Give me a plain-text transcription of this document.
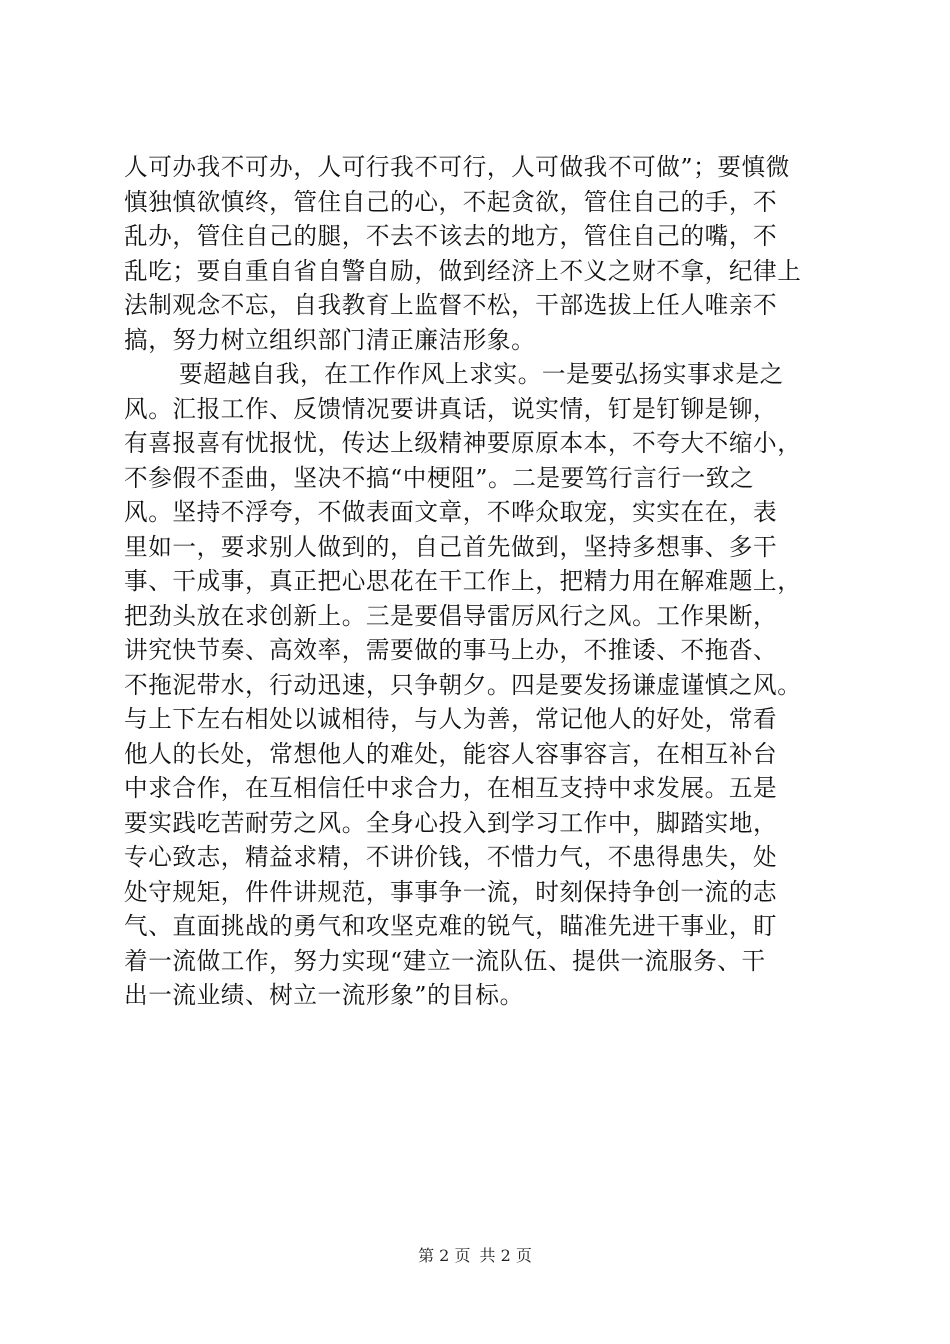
人可办我不可办，人可行我不可行，人可做我不可做”；要慎微
慎独慎欲慎终，管住自己的心，不起贪欲，管住自己的手，不
乱办，管住自己的腿，不去不该去的地方，管住自己的嘴，不
乱吃；要自重自省自警自励，做到经济上不义之财不拿，纪律上
法制观念不忘，自我教育上监督不松，干部选拔上任人唯亲不
搞，努力树立组织部门清正廉洁形象。
要超越自我，在工作作风上求实。一是要弘扬实事求是之
风。汇报工作、反馈情况要讲真话，说实情，钉是钉铆是铆，
有喜报喜有忧报忧，传达上级精神要原原本本，不夸大不缩小，
不参假不歪曲，坚决不搞“中梗阻”。二是要笃行言行一致之
风。坚持不浮夸，不做表面文章，不哗众取宠，实实在在，表
里如一，要求别人做到的，自己首先做到，坚持多想事、多干
事、干成事，真正把心思花在干工作上，把精力用在解难题上，
把劲头放在求创新上。三是要倡导雷厉风行之风。工作果断，
讲究快节奏、高效率，需要做的事马上办，不推诿、不拖沓、
不拖泥带水，行动迅速，只争朝夕。四是要发扬谦虚谨慎之风。
与上下左右相处以诚相待，与人为善，常记他人的好处，常看
他人的长处，常想他人的难处，能容人容事容言，在相互补台
中求合作，在互相信任中求合力，在相互支持中求发展。五是
要实践吃苦耐劳之风。全身心投入到学习工作中，脚踏实地，
专心致志，精益求精，不讲价钱，不惜力气，不患得患失，处
处守规矩，件件讲规范，事事争一流，时刻保持争创一流的志
气、直面挑战的勇气和攻坚克难的锐气，瞄准先进干事业，盯
着一流做工作，努力实现“建立一流队伍、提供一流服务、干
出一流业绩、树立一流形象”的目标。
第 2 页 共 2 页
